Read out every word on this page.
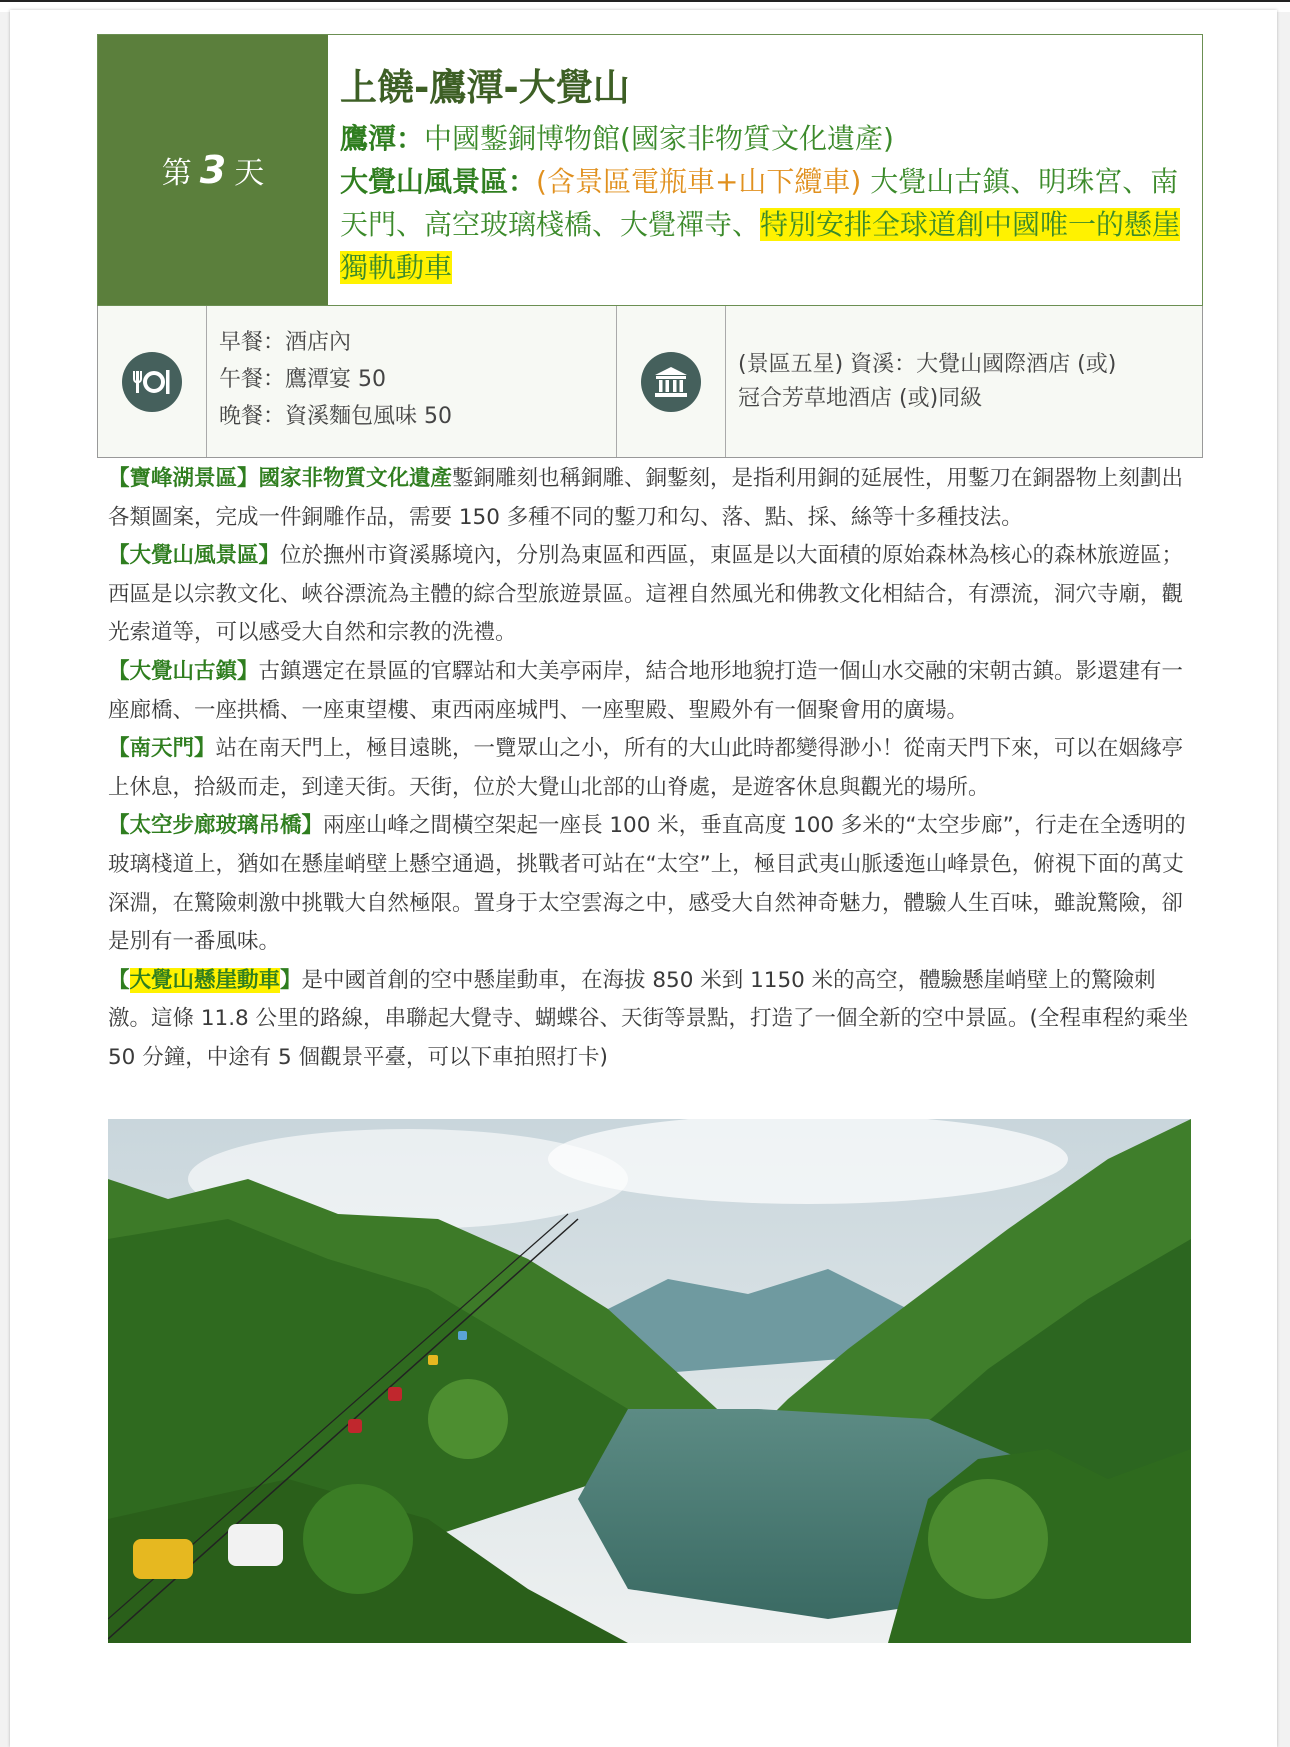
第 3 天
上饒-鷹潭-大覺山
鷹潭：中國鏨銅博物館(國家非物質文化遺產)
大覺山風景區：(含景區電瓶車+山下纜車) 大覺山古鎮、明珠宮、南天門、高空玻璃棧橋、大覺禪寺、特別安排全球道創中國唯一的懸崖獨軌動車
早餐：酒店內
午餐：鷹潭宴 50
晚餐：資溪麵包風味 50
(景區五星) 資溪：大覺山國際酒店 (或)
冠合芳草地酒店 (或)同級

【寶峰湖景區】國家非物質文化遺產鏨銅雕刻也稱銅雕、銅鏨刻，是指利用銅的延展性，用鏨刀在銅器物上刻劃出各類圖案，完成一件銅雕作品，需要 150 多種不同的鏨刀和勾、落、點、採、絲等十多種技法。

【大覺山風景區】位於撫州市資溪縣境內，分別為東區和西區，東區是以大面積的原始森林為核心的森林旅遊區；西區是以宗教文化、峽谷漂流為主體的綜合型旅遊景區。這裡自然風光和佛教文化相結合，有漂流，洞穴寺廟，觀光索道等，可以感受大自然和宗教的洗禮。

【大覺山古鎮】古鎮選定在景區的官驛站和大美亭兩岸，結合地形地貌打造一個山水交融的宋朝古鎮。影還建有一座廊橋、一座拱橋、一座東望樓、東西兩座城門、一座聖殿、聖殿外有一個聚會用的廣場。

【南天門】站在南天門上，極目遠眺，一覽眾山之小，所有的大山此時都變得渺小！從南天門下來，可以在姻緣亭上休息，拾級而走，到達天街。天街，位於大覺山北部的山脊處，是遊客休息與觀光的場所。

【太空步廊玻璃吊橋】兩座山峰之間橫空架起一座長 100 米，垂直高度 100 多米的“太空步廊”，行走在全透明的玻璃棧道上，猶如在懸崖峭壁上懸空通過，挑戰者可站在“太空”上，極目武夷山脈逶迤山峰景色，俯視下面的萬丈深淵，在驚險刺激中挑戰大自然極限。置身于太空雲海之中，感受大自然神奇魅力，體驗人生百味，雖說驚險，卻是別有一番風味。

【大覺山懸崖動車】是中國首創的空中懸崖動車，在海拔 850 米到 1150 米的高空，體驗懸崖峭壁上的驚險刺激。這條 11.8 公里的路線，串聯起大覺寺、蝴蝶谷、天街等景點，打造了一個全新的空中景區。(全程車程約乘坐 50 分鐘，中途有 5 個觀景平臺，可以下車拍照打卡)
